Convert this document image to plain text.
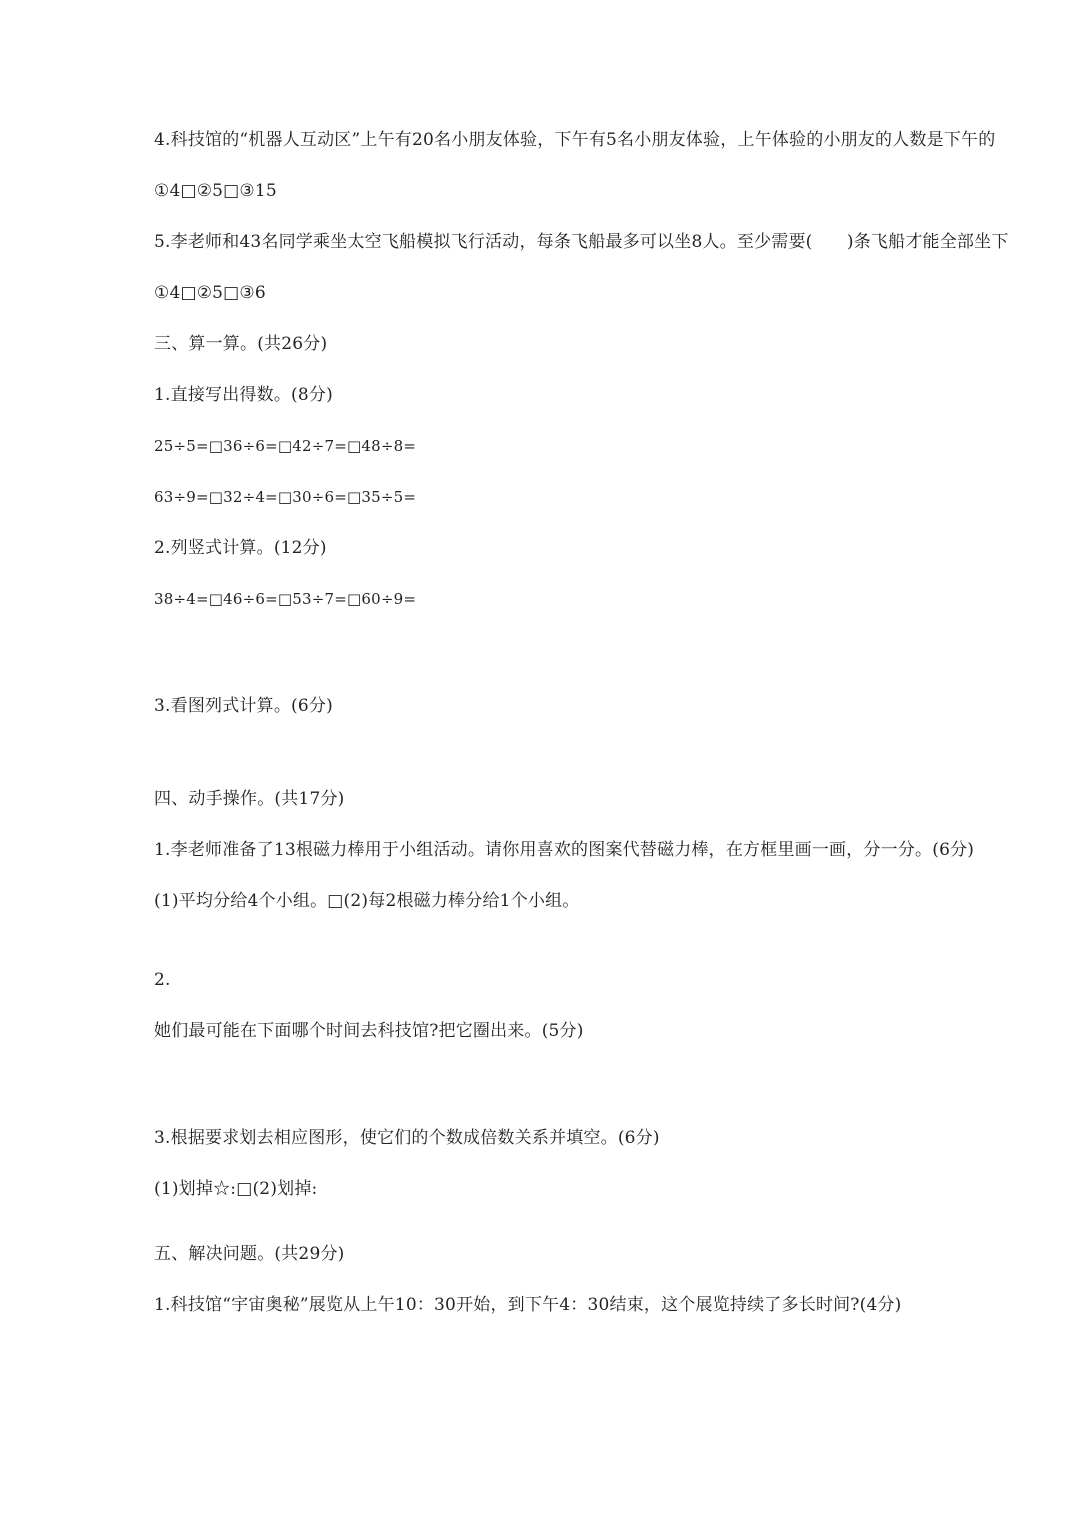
4.科技馆的“机器人互动区”上午有20名小朋友体验，下午有5名小朋友体验，上午体验的小朋友的人数是下午的
①4□②5□③15
5.李老师和43名同学乘坐太空飞船模拟飞行活动，每条飞船最多可以坐8人。至少需要(　　)条飞船才能全部坐下
①4□②5□③6
三、算一算。(共26分)
1.直接写出得数。(8分)
25÷5=□36÷6=□42÷7=□48÷8=
63÷9=□32÷4=□30÷6=□35÷5=
2.列竖式计算。(12分)
38÷4=□46÷6=□53÷7=□60÷9=
3.看图列式计算。(6分)
四、动手操作。(共17分)
1.李老师准备了13根磁力棒用于小组活动。请你用喜欢的图案代替磁力棒，在方框里画一画，分一分。(6分)
(1)平均分给4个小组。□(2)每2根磁力棒分给1个小组。
2.
她们最可能在下面哪个时间去科技馆?把它圈出来。(5分)
3.根据要求划去相应图形，使它们的个数成倍数关系并填空。(6分)
(1)划掉☆:□(2)划掉:
五、解决问题。(共29分)
1.科技馆“宇宙奥秘”展览从上午10：30开始，到下午4：30结束，这个展览持续了多长时间?(4分)
